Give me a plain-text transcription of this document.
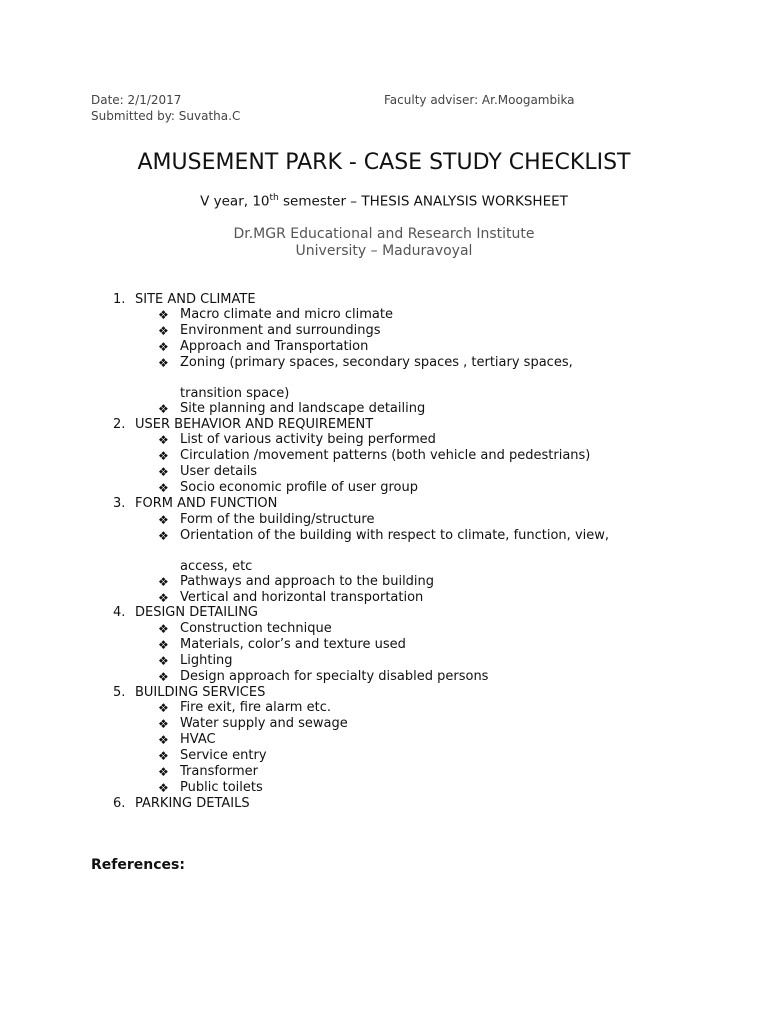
Date: 2/1/2017
Submitted by: Suvatha.C
Faculty adviser: Ar.Moogambika
AMUSEMENT PARK - CASE STUDY CHECKLIST
V year, 10th semester – THESIS ANALYSIS WORKSHEET
Dr.MGR Educational and Research Institute
University – Maduravoyal
1. SITE AND CLIMATE
❖ Macro climate and micro climate
❖ Environment and surroundings
❖ Approach and Transportation
❖ Zoning (primary spaces, secondary spaces , tertiary spaces,
transition space)
❖ Site planning and landscape detailing
2. USER BEHAVIOR AND REQUIREMENT
❖ List of various activity being performed
❖ Circulation /movement patterns (both vehicle and pedestrians)
❖ User details
❖ Socio economic profile of user group
3. FORM AND FUNCTION
❖ Form of the building/structure
❖ Orientation of the building with respect to climate, function, view,
access, etc
❖ Pathways and approach to the building
❖ Vertical and horizontal transportation
4. DESIGN DETAILING
❖ Construction technique
❖ Materials, color’s and texture used
❖ Lighting
❖ Design approach for specialty disabled persons
5. BUILDING SERVICES
❖ Fire exit, fire alarm etc.
❖ Water supply and sewage
❖ HVAC
❖ Service entry
❖ Transformer
❖ Public toilets
6. PARKING DETAILS
References:
